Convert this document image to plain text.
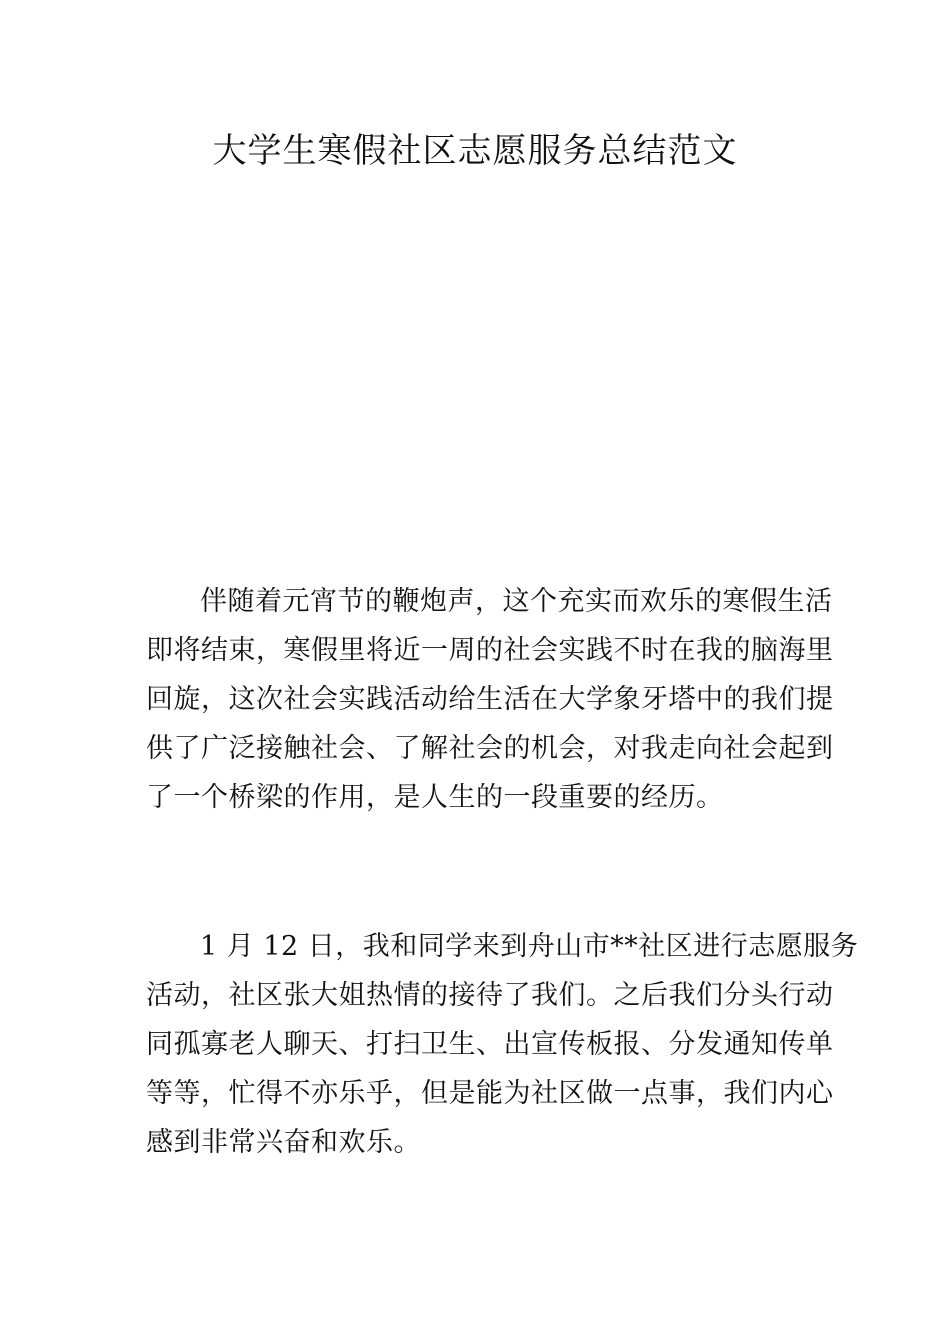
大学生寒假社区志愿服务总结范文

伴随着元宵节的鞭炮声，这个充实而欢乐的寒假生活
即将结束，寒假里将近一周的社会实践不时在我的脑海里
回旋，这次社会实践活动给生活在大学象牙塔中的我们提
供了广泛接触社会、了解社会的机会，对我走向社会起到
了一个桥梁的作用，是人生的一段重要的经历。

1 月 12 日，我和同学来到舟山市**社区进行志愿服务
活动，社区张大姐热情的接待了我们。之后我们分头行动
同孤寡老人聊天、打扫卫生、出宣传板报、分发通知传单
等等，忙得不亦乐乎，但是能为社区做一点事，我们内心
感到非常兴奋和欢乐。
